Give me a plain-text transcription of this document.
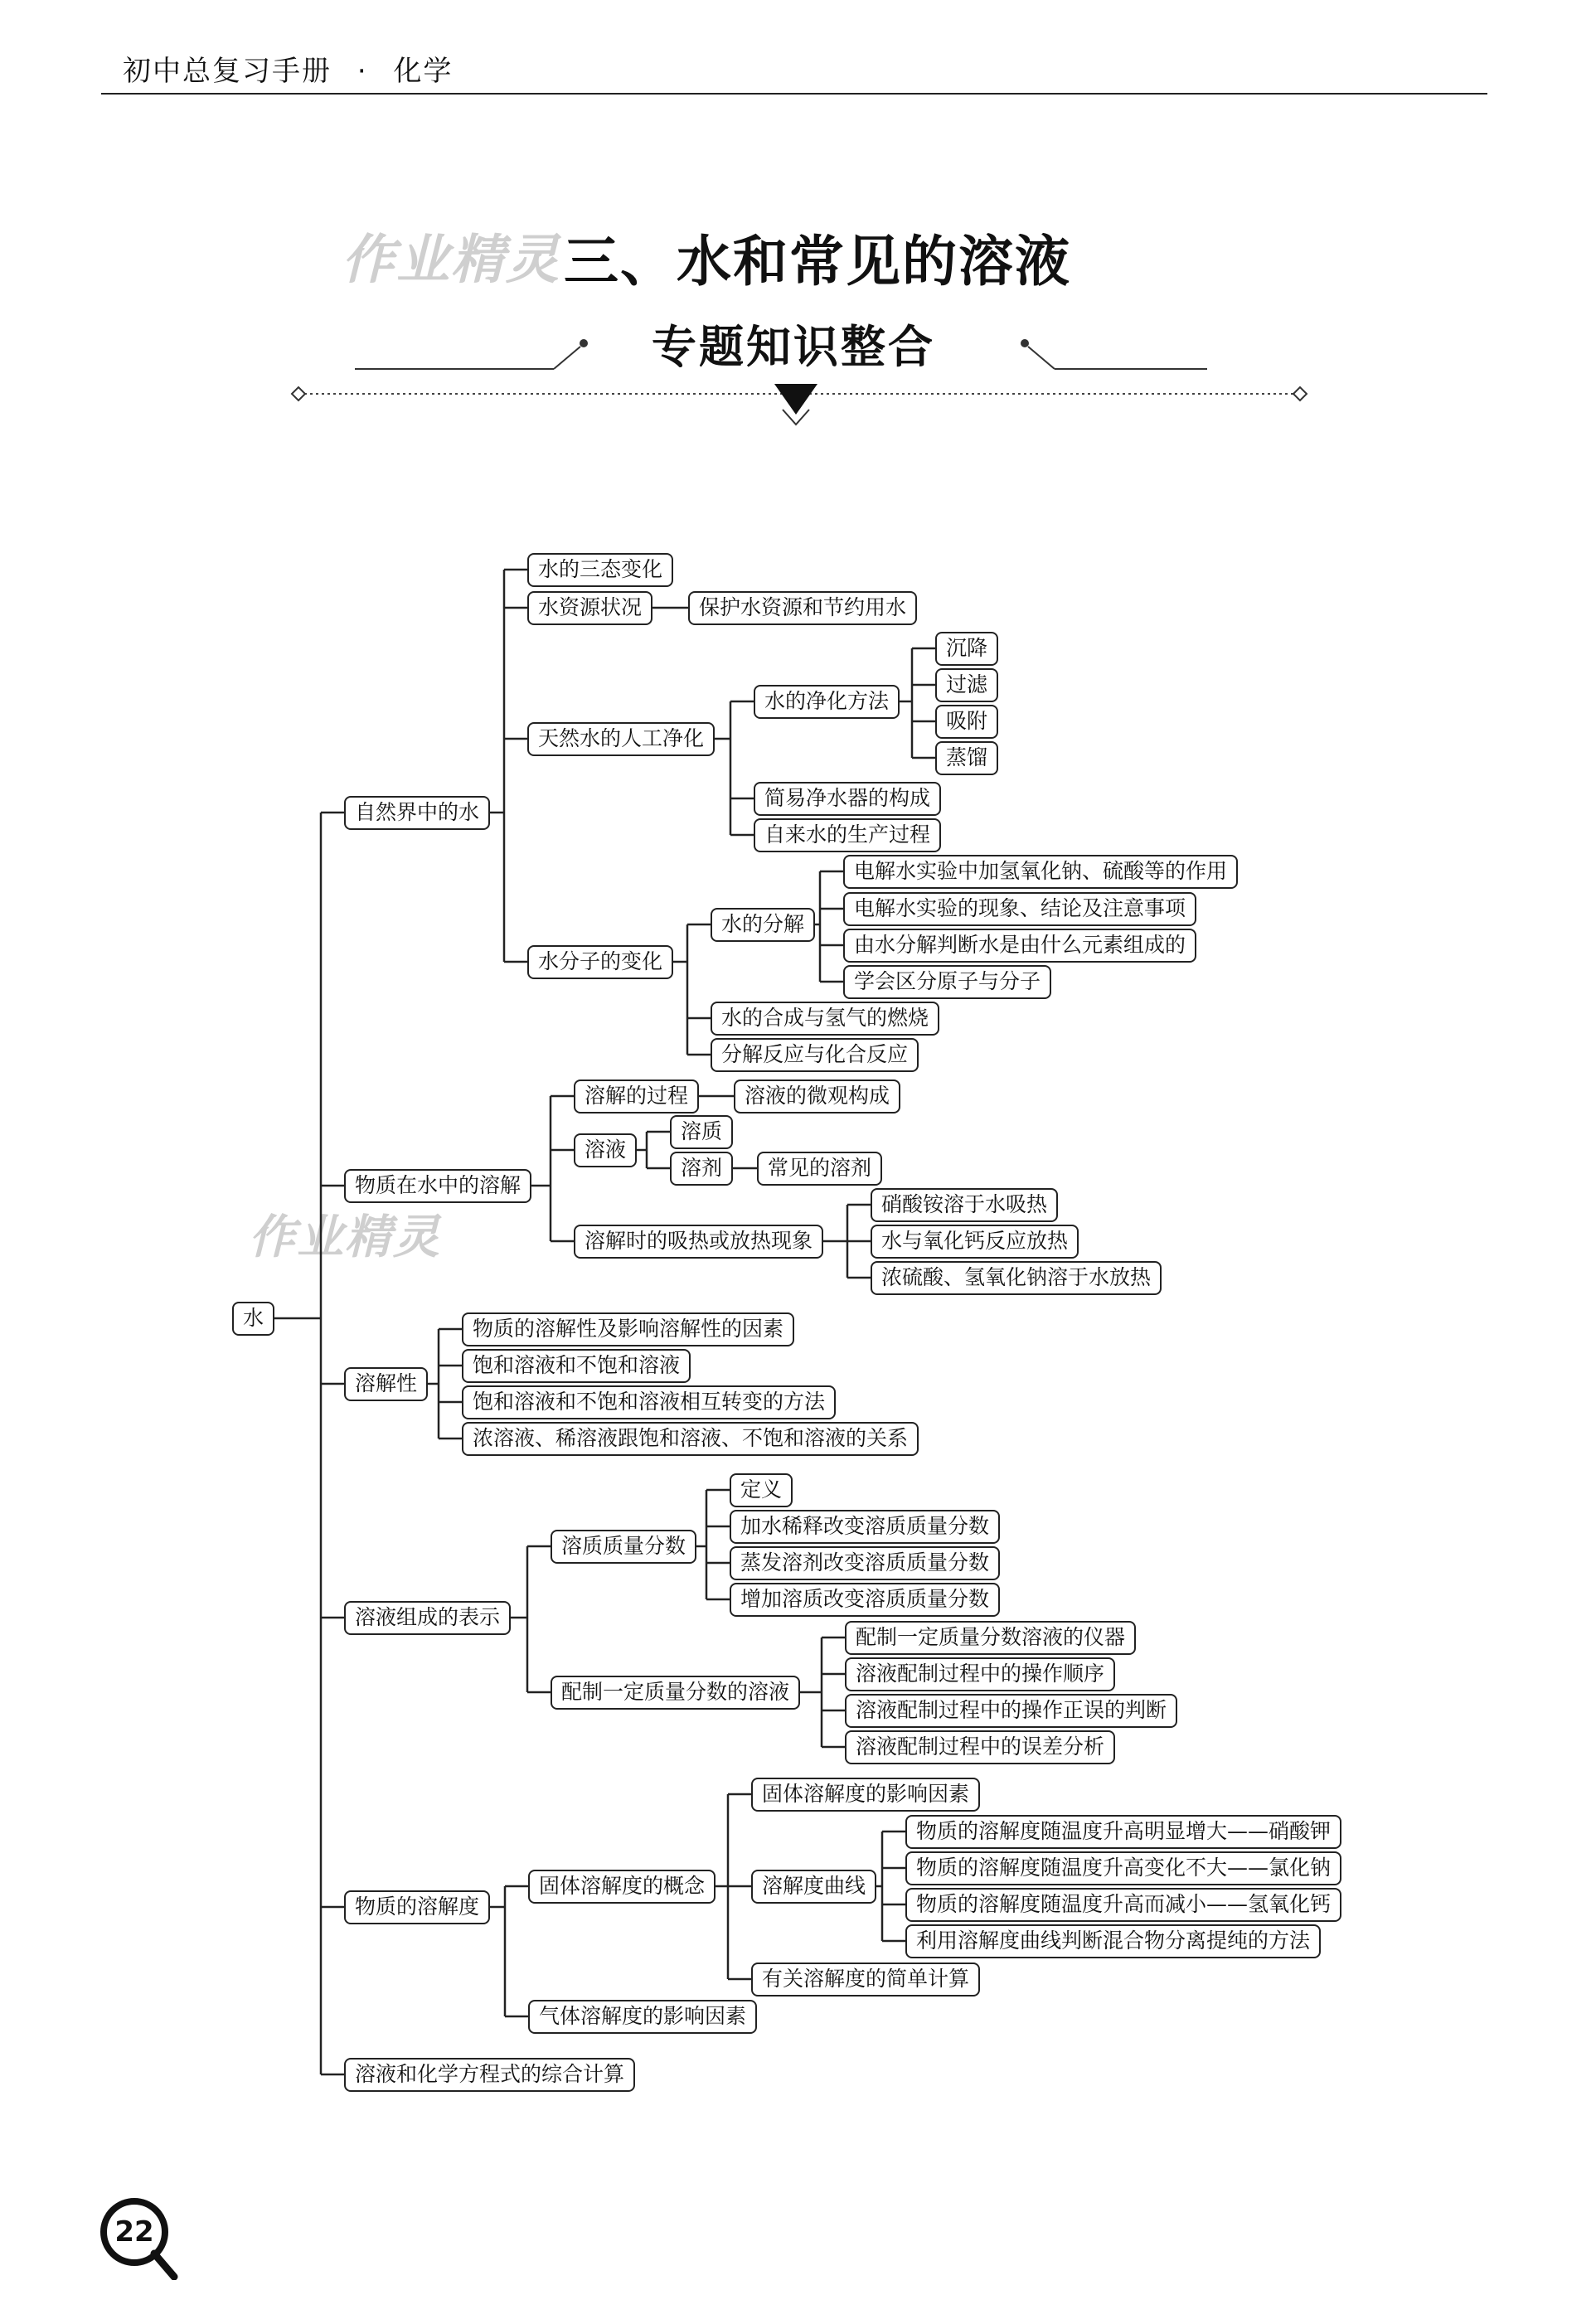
初中总复习手册 · 化学
作业精灵
作业精灵
三、水和常见的溶液
专题知识整合
水
自然界中的水
水的三态变化
水资源状况	保护水资源和节约用水
天然水的人工净化
水的净化方法
沉降
过滤
吸附
蒸馏
简易净水器的构成
自来水的生产过程
水分子的变化
水的分解
电解水实验中加氢氧化钠、硫酸等的作用
电解水实验的现象、结论及注意事项
由水分解判断水是由什么元素组成的
学会区分原子与分子
水的合成与氢气的燃烧
分解反应与化合反应
物质在水中的溶解
溶解的过程	溶液的微观构成
溶液
溶质
溶剂	常见的溶剂
溶解时的吸热或放热现象
硝酸铵溶于水吸热
水与氧化钙反应放热
浓硫酸、氢氧化钠溶于水放热
溶解性
物质的溶解性及影响溶解性的因素
饱和溶液和不饱和溶液
饱和溶液和不饱和溶液相互转变的方法
浓溶液、稀溶液跟饱和溶液、不饱和溶液的关系
溶液组成的表示
溶质质量分数
定义
加水稀释改变溶质质量分数
蒸发溶剂改变溶质质量分数
增加溶质改变溶质质量分数
配制一定质量分数的溶液
配制一定质量分数溶液的仪器
溶液配制过程中的操作顺序
溶液配制过程中的操作正误的判断
溶液配制过程中的误差分析
物质的溶解度
固体溶解度的概念
固体溶解度的影响因素
溶解度曲线
物质的溶解度随温度升高明显增大——硝酸钾
物质的溶解度随温度升高变化不大——氯化钠
物质的溶解度随温度升高而减小——氢氧化钙
利用溶解度曲线判断混合物分离提纯的方法
有关溶解度的简单计算
气体溶解度的影响因素
溶液和化学方程式的综合计算
22
